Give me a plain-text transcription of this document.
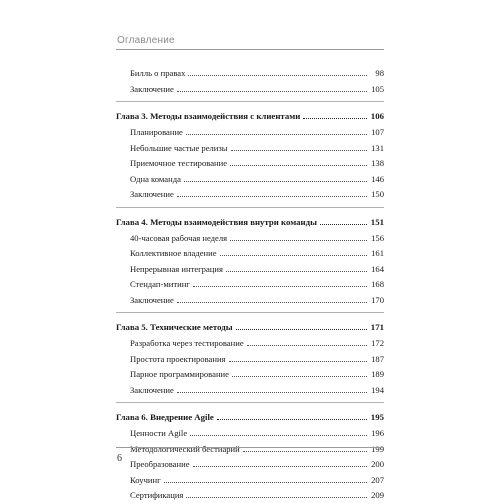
Оглавление
Билль о правах	98
Заключение	105
Глава 3. Методы взаимодействия с клиентами	106
Планирование	107
Небольшие частые релизы	131
Приемочное тестирование	138
Одна команда	146
Заключение	150
Глава 4. Методы взаимодействия внутри команды	151
40-часовая рабочая неделя	156
Коллективное владение	161
Непрерывная интеграция	164
Стендап-митинг	168
Заключение	170
Глава 5. Технические методы	171
Разработка через тестирование	172
Простота проектирования	187
Парное программирование	189
Заключение	194
Глава 6. Внедрение Agile	195
Ценности Agile	196
Методологический бестиарий	199
Преобразование	200
Коучинг	207
Сертификация	209
6
